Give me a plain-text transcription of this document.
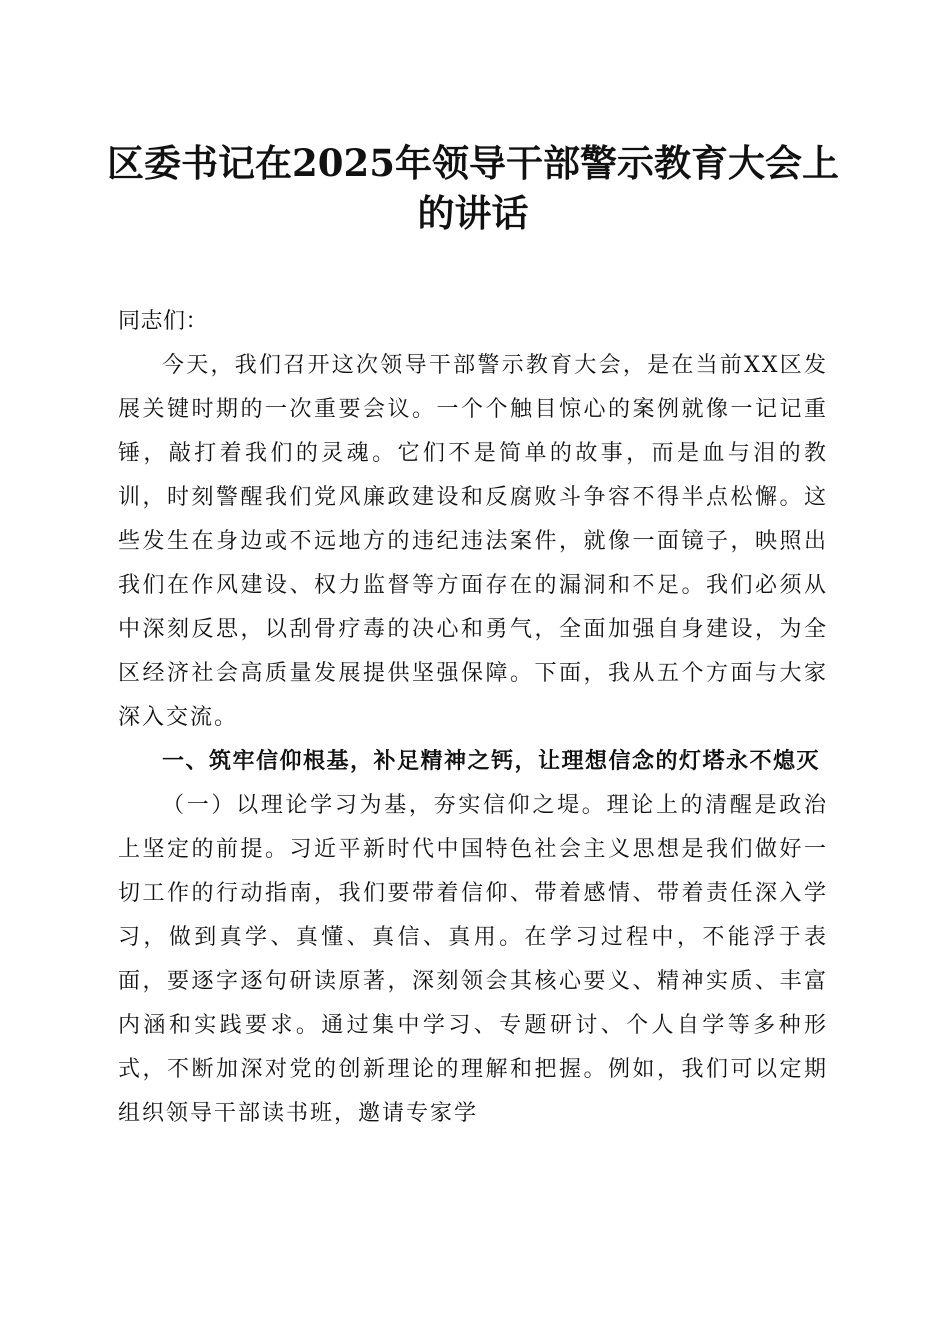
区委书记在2025年领导干部警示教育大会上的讲话
同志们：

今天，我们召开这次领导干部警示教育大会，是在当前XX区发展关键时期的一次重要会议。一个个触目惊心的案例就像一记记重锤，敲打着我们的灵魂。它们不是简单的故事，而是血与泪的教训，时刻警醒我们党风廉政建设和反腐败斗争容不得半点松懈。这些发生在身边或不远地方的违纪违法案件，就像一面镜子，映照出我们在作风建设、权力监督等方面存在的漏洞和不足。我们必须从中深刻反思，以刮骨疗毒的决心和勇气，全面加强自身建设，为全区经济社会高质量发展提供坚强保障。下面，我从五个方面与大家深入交流。

一、筑牢信仰根基，补足精神之钙，让理想信念的灯塔永不熄灭

（一）以理论学习为基，夯实信仰之堤。理论上的清醒是政治上坚定的前提。习近平新时代中国特色社会主义思想是我们做好一切工作的行动指南，我们要带着信仰、带着感情、带着责任深入学习，做到真学、真懂、真信、真用。在学习过程中，不能浮于表面，要逐字逐句研读原著，深刻领会其核心要义、精神实质、丰富内涵和实践要求。通过集中学习、专题研讨、个人自学等多种形式，不断加深对党的创新理论的理解和把握。例如，我们可以定期组织领导干部读书班，邀请专家学
